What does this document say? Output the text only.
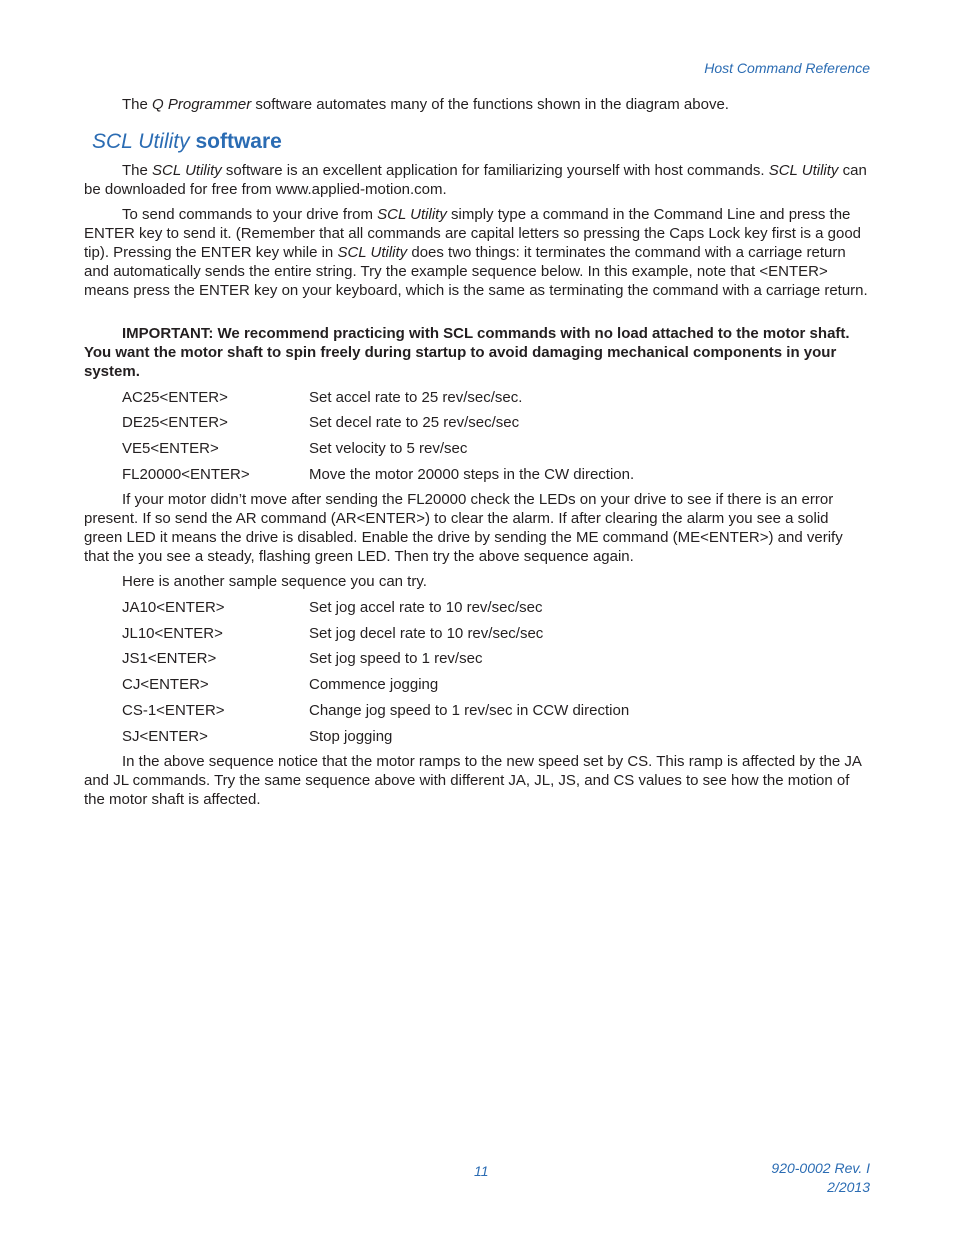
Host Command Reference

The Q Programmer software automates many of the functions shown in the diagram above.

SCL Utility software

The SCL Utility software is an excellent application for familiarizing yourself with host commands. SCL Utility can be downloaded for free from www.applied-motion.com.

To send commands to your drive from SCL Utility simply type a command in the Command Line and press the ENTER key to send it. (Remember that all commands are capital letters so pressing the Caps Lock key first is a good tip). Pressing the ENTER key while in SCL Utility does two things: it terminates the command with a carriage return and automatically sends the entire string. Try the example sequence below. In this example, note that <ENTER> means press the ENTER key on your keyboard, which is the same as terminating the command with a carriage return.

IMPORTANT: We recommend practicing with SCL commands with no load attached to the motor shaft. You want the motor shaft to spin freely during startup to avoid damaging mechanical components in your system.

AC25<ENTER>	Set accel rate to 25 rev/sec/sec.
DE25<ENTER>	Set decel rate to 25 rev/sec/sec
VE5<ENTER>	Set velocity to 5 rev/sec
FL20000<ENTER>	Move the motor 20000 steps in the CW direction.

If your motor didn’t move after sending the FL20000 check the LEDs on your drive to see if there is an error present. If so send the AR command (AR<ENTER>) to clear the alarm. If after clearing the alarm you see a solid green LED it means the drive is disabled. Enable the drive by sending the ME command (ME<ENTER>) and verify that the you see a steady, flashing green LED. Then try the above sequence again.

Here is another sample sequence you can try.

JA10<ENTER>	Set jog accel rate to 10 rev/sec/sec
JL10<ENTER>	Set jog decel rate to 10 rev/sec/sec
JS1<ENTER>	Set jog speed to 1 rev/sec
CJ<ENTER>	Commence jogging
CS-1<ENTER>	Change jog speed to 1 rev/sec in CCW direction
SJ<ENTER>	Stop jogging

In the above sequence notice that the motor ramps to the new speed set by CS. This ramp is affected by the JA and JL commands. Try the same sequence above with different JA, JL, JS, and CS values to see how the motion of the motor shaft is affected.

11	920-0002 Rev. I
2/2013
